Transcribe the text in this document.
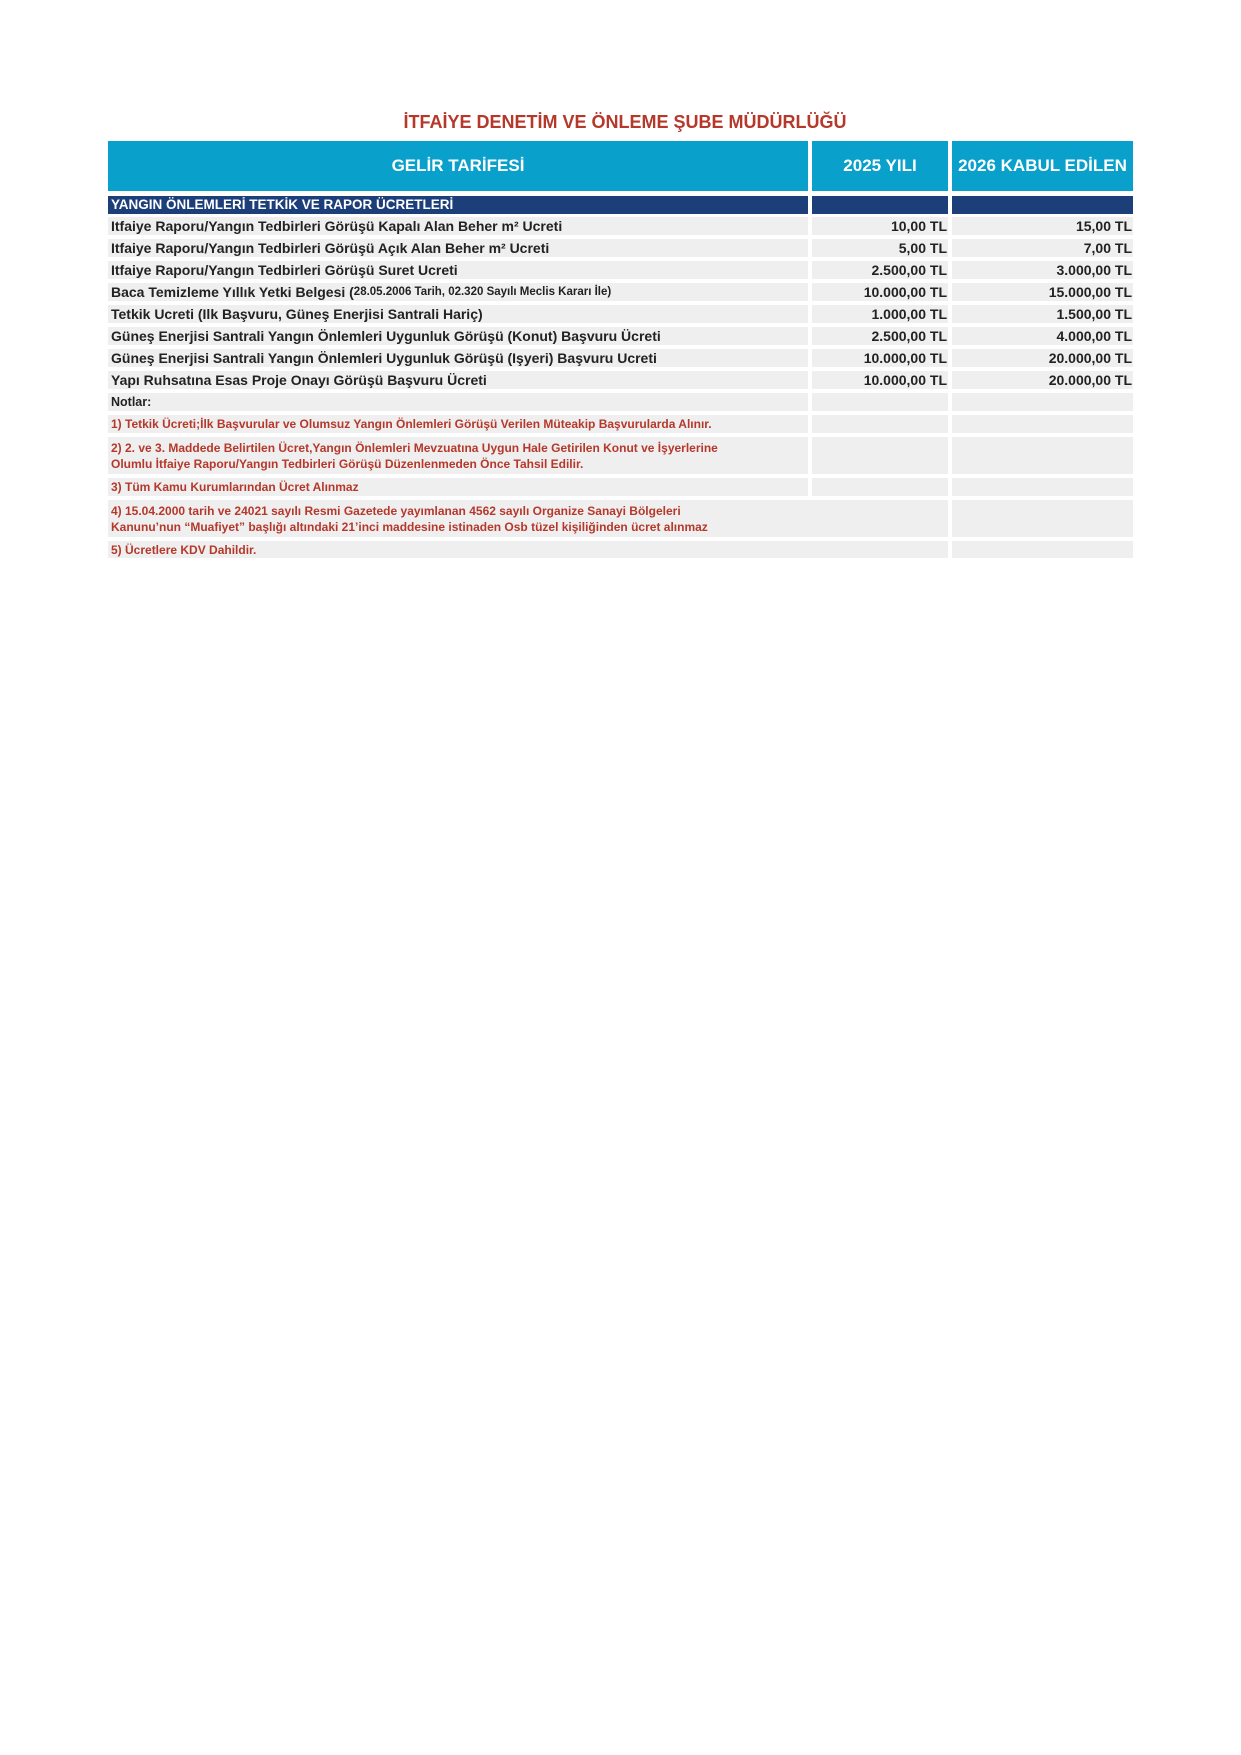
İTFAİYE DENETİM VE ÖNLEME ŞUBE MÜDÜRLÜĞÜ
GELİR TARİFESİ	2025 YILI	2026 KABUL EDİLEN
YANGIN ÖNLEMLERİ TETKİK VE RAPOR ÜCRETLERİ
Itfaiye Raporu/Yangın Tedbirleri Görüşü Kapalı Alan Beher m² Ucreti	10,00 TL	15,00 TL
Itfaiye Raporu/Yangın Tedbirleri Görüşü Açık Alan Beher m² Ucreti	5,00 TL	7,00 TL
Itfaiye Raporu/Yangın Tedbirleri Görüşü Suret Ucreti	2.500,00 TL	3.000,00 TL
Baca Temizleme Yıllık Yetki Belgesi ( 28.05.2006 Tarih, 02.320 Sayılı Meclis Kararı İle)	10.000,00 TL	15.000,00 TL
Tetkik Ucreti (Ilk Başvuru, Güneş Enerjisi Santrali Hariç)	1.000,00 TL	1.500,00 TL
Güneş Enerjisi Santrali Yangın Önlemleri Uygunluk Görüşü (Konut) Başvuru Ücreti	2.500,00 TL	4.000,00 TL
Güneş Enerjisi Santrali Yangın Önlemleri Uygunluk Görüşü (Işyeri) Başvuru Ucreti	10.000,00 TL	20.000,00 TL
Yapı Ruhsatına Esas Proje Onayı Görüşü Başvuru Ücreti	10.000,00 TL	20.000,00 TL
Notlar:
1) Tetkik Ücreti;İlk Başvurular ve Olumsuz Yangın Önlemleri Görüşü Verilen Müteakip Başvurularda Alınır.
2) 2. ve 3. Maddede Belirtilen Ücret,Yangın Önlemleri Mevzuatına Uygun Hale Getirilen Konut ve İşyerlerine
Olumlu İtfaiye Raporu/Yangın Tedbirleri Görüşü Düzenlenmeden Önce Tahsil Edilir.
3) Tüm Kamu Kurumlarından Ücret Alınmaz
4) 15.04.2000 tarih ve 24021 sayılı Resmi Gazetede yayımlanan 4562 sayılı Organize Sanayi Bölgeleri
Kanunu’nun “Muafiyet” başlığı altındaki 21’inci maddesine istinaden Osb tüzel kişiliğinden ücret alınmaz
5) Ücretlere KDV Dahildir.
